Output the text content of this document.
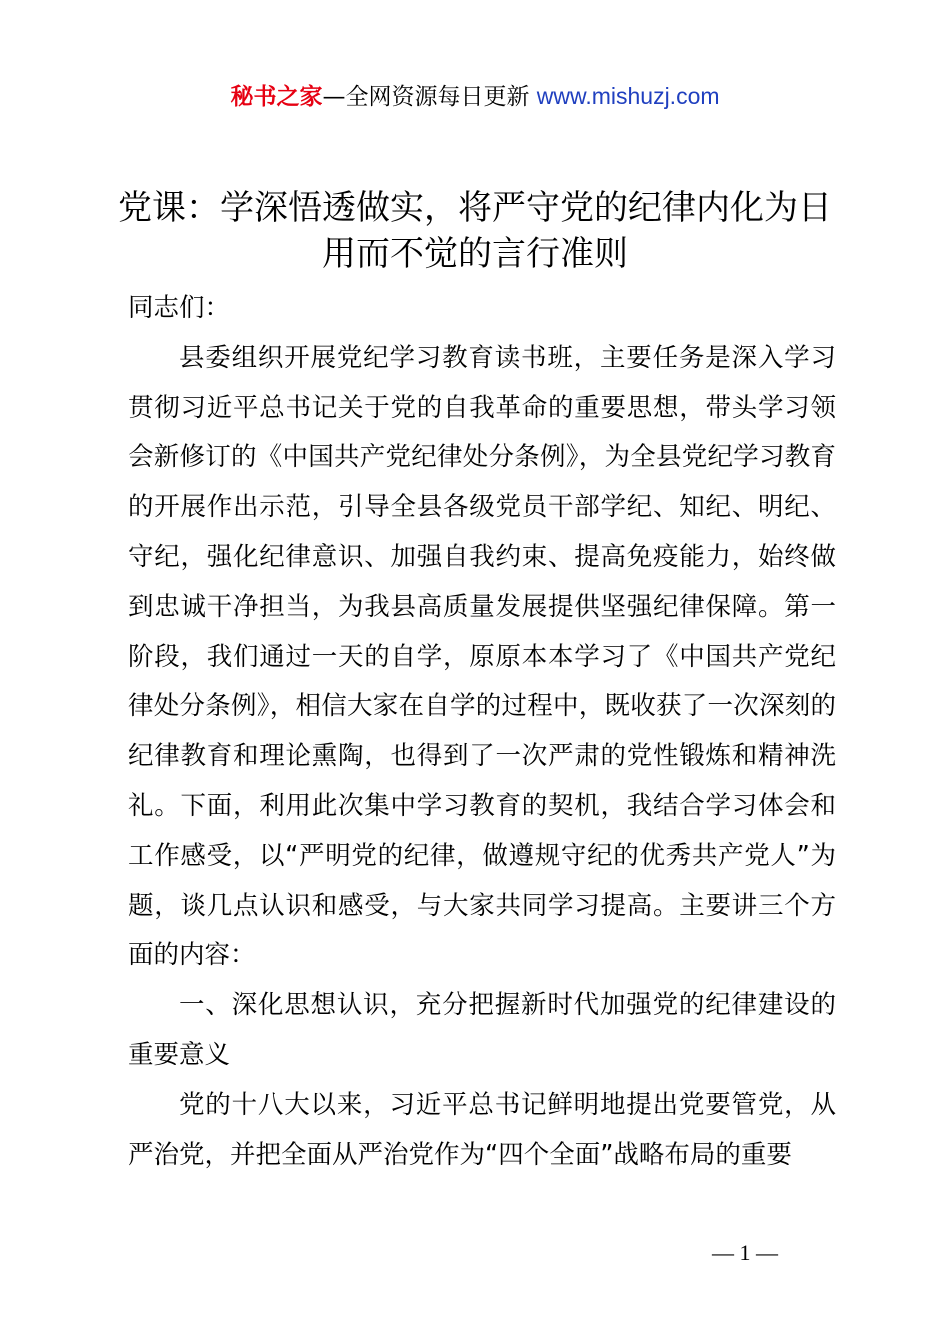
秘书之家—全网资源每日更新 www.mishuzj.com
党课：学深悟透做实，将严守党的纪律内化为日用而不觉的言行准则

同志们：

县委组织开展党纪学习教育读书班，主要任务是深入学习贯彻习近平总书记关于党的自我革命的重要思想，带头学习领会新修订的《中国共产党纪律处分条例》，为全县党纪学习教育的开展作出示范，引导全县各级党员干部学纪、知纪、明纪、守纪，强化纪律意识、加强自我约束、提高免疫能力，始终做到忠诚干净担当，为我县高质量发展提供坚强纪律保障。第一阶段，我们通过一天的自学，原原本本学习了《中国共产党纪律处分条例》，相信大家在自学的过程中，既收获了一次深刻的纪律教育和理论熏陶，也得到了一次严肃的党性锻炼和精神洗礼。下面，利用此次集中学习教育的契机，我结合学习体会和工作感受，以“严明党的纪律，做遵规守纪的优秀共产党人”为题，谈几点认识和感受，与大家共同学习提高。主要讲三个方面的内容：

一、深化思想认识，充分把握新时代加强党的纪律建设的重要意义

党的十八大以来，习近平总书记鲜明地提出党要管党，从严治党，并把全面从严治党作为“四个全面”战略布局的重要

— 1 —
